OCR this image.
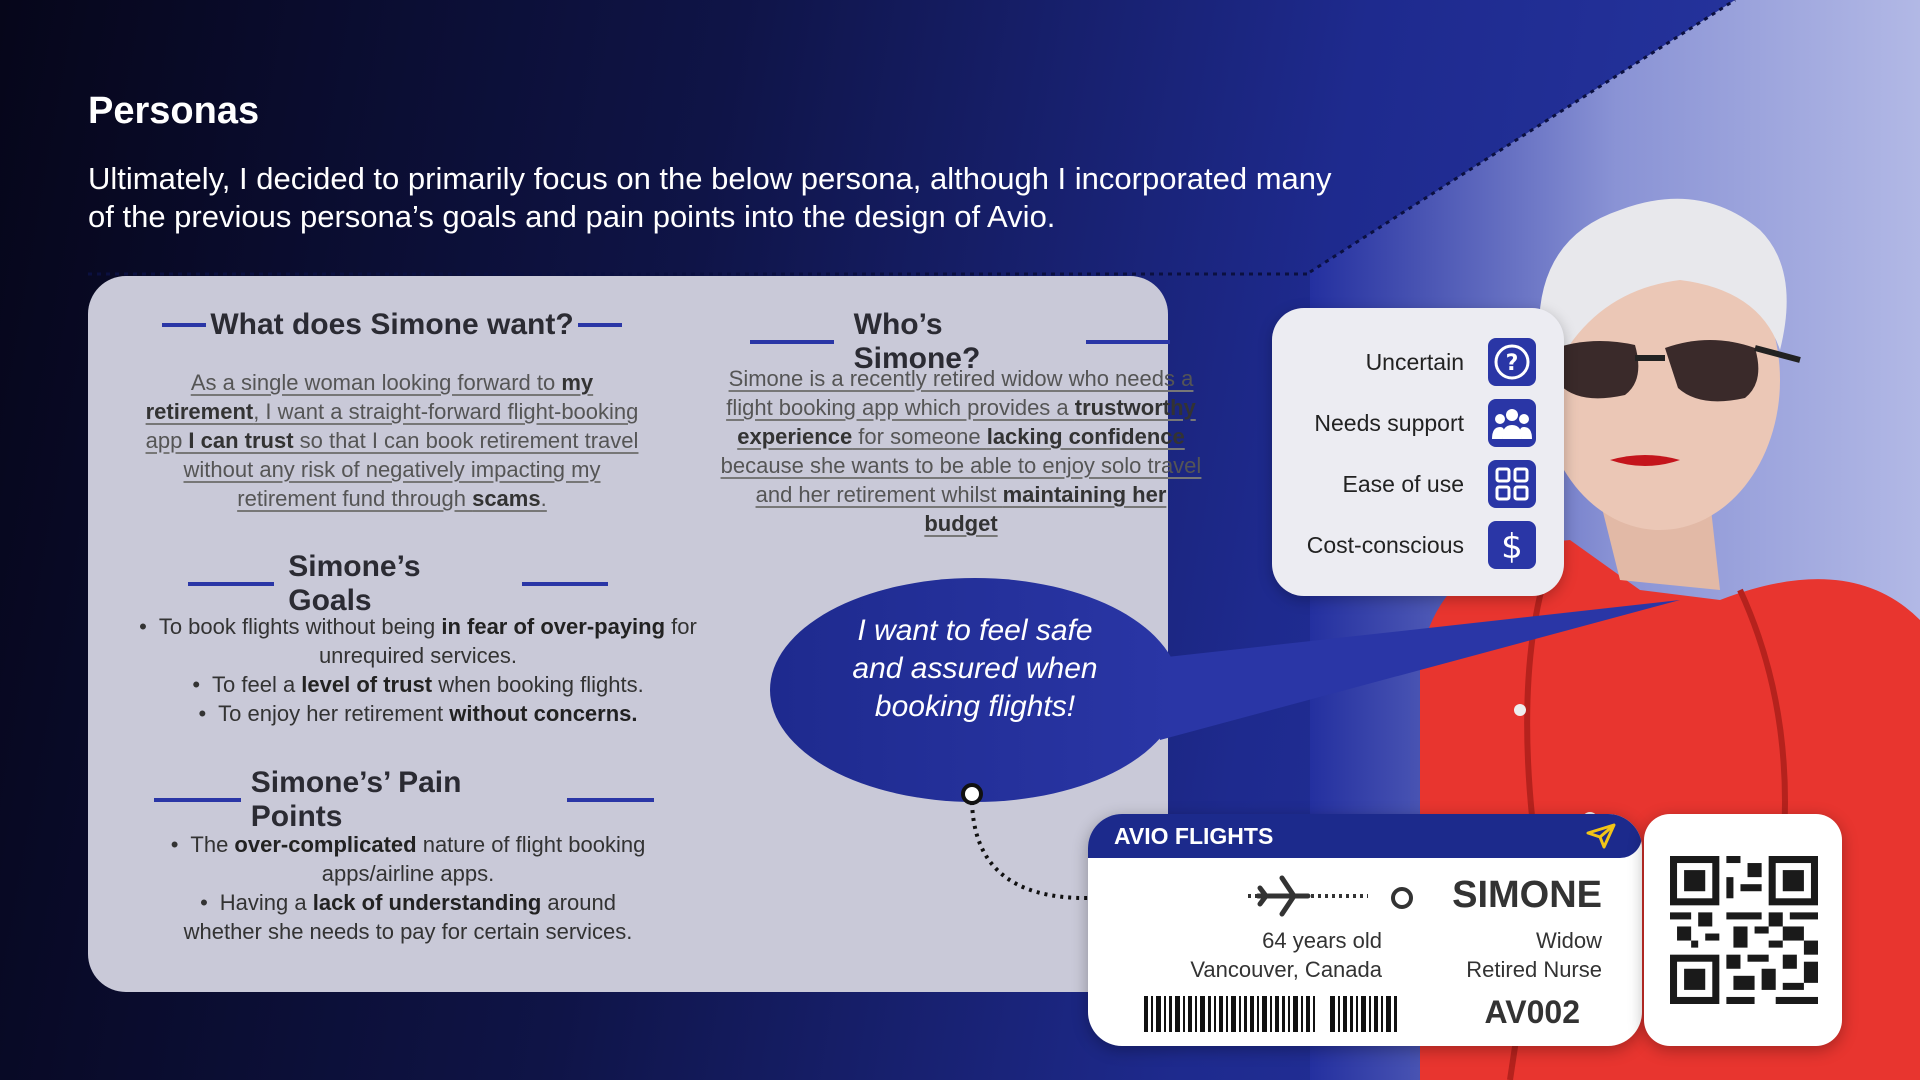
Personas
Ultimately, I decided to primarily focus on the below persona, although I incorporated many of the previous persona’s goals and pain points into the design of Avio.
What does Simone want?
As a single woman looking forward to my retirement, I want a straight-forward flight-booking app I can trust so that I can book retirement travel without any risk of negatively impacting my retirement fund through scams.
Who’s Simone?
Simone is a recently retired widow who needs a flight booking app which provides a trustworthy experience for someone lacking confidence because she wants to be able to enjoy solo travel and her retirement whilst maintaining her budget
Simone’s Goals
• To book flights without being in fear of over-paying for unrequired services.
• To feel a level of trust when booking flights.
• To enjoy her retirement without concerns.
Simone’s’ Pain Points
• The over-complicated nature of flight booking apps/airline apps.
• Having a lack of understanding around whether she needs to pay for certain services.
I want to feel safe and assured when booking flights!
Uncertain ?
Needs support
Ease of use
Cost-conscious $
AVIO FLIGHTS
SIMONE
64 years old
Vancouver, Canada
Widow
Retired Nurse
AV002
